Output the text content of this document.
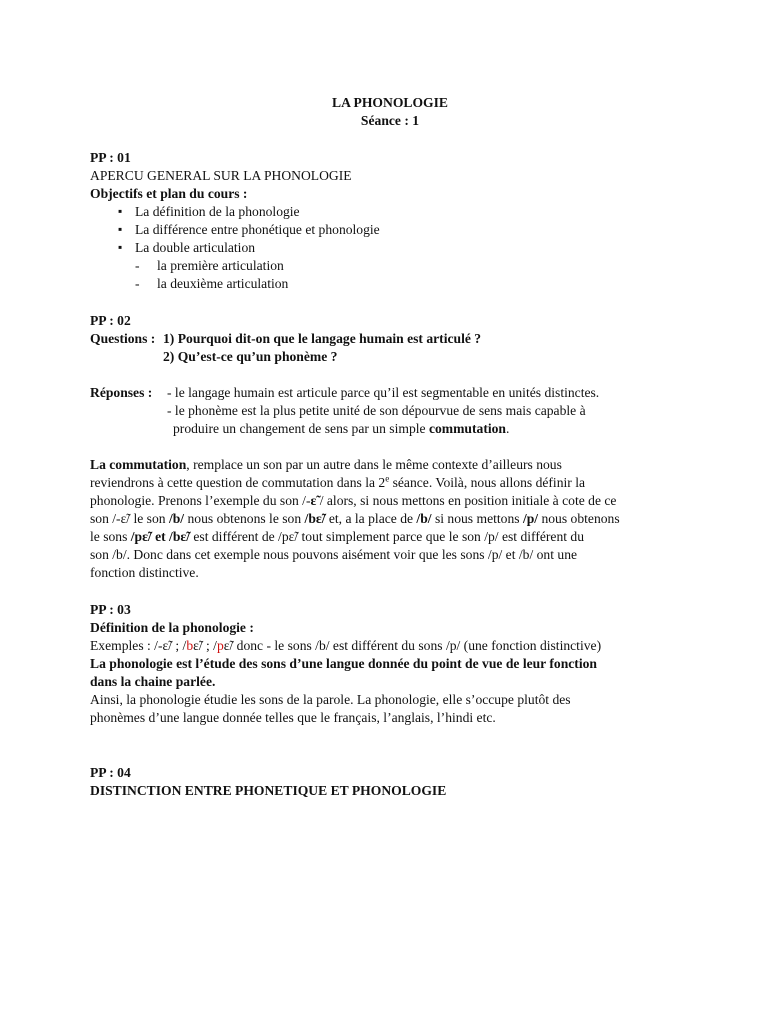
LA PHONOLOGIE
Séance : 1
PP : 01
APERCU GENERAL SUR LA PHONOLOGIE
Objectifs et plan du cours :
▪ La définition de la phonologie
▪ La différence entre phonétique et phonologie
▪ La double articulation
- la première articulation
- la deuxième articulation
PP : 02
Questions : 1) Pourquoi dit-on que le langage humain est articulé ?
2) Qu’est-ce qu’un phonème ?
Réponses :	- le langage humain est articule parce qu’il est segmentable en unités distinctes.
- le phonème est la plus petite unité de son dépourvue de sens mais capable à
produire un changement de sens par un simple commutation.
La commutation, remplace un son par un autre dans le même contexte d’ailleurs nous
reviendrons à cette question de commutation dans la 2e séance. Voilà, nous allons définir la
phonologie. Prenons l’exemple du son /-ɛ̃ / alors, si nous mettons en position initiale à cote de ce
son /-ɛ̃/ le son /b/ nous obtenons le son /bɛ̃/ et, a la place de /b/ si nous mettons /p/ nous obtenons
le sons /pɛ̃/ et /bɛ̃/ est différent de /pɛ̃/ tout simplement parce que le son /p/ est différent du
son /b/. Donc dans cet exemple nous pouvons aisément voir que les sons /p/ et /b/ ont une
fonction distinctive.
PP : 03
Définition de la phonologie :
Exemples : /-ɛ̃/ ; /bɛ̃/ ; /pɛ̃/ donc - le sons /b/ est différent du sons /p/ (une fonction distinctive)
La phonologie est l’étude des sons d’une langue donnée du point de vue de leur fonction
dans la chaine parlée.
Ainsi, la phonologie étudie les sons de la parole. La phonologie, elle s’occupe plutôt des
phonèmes d’une langue donnée telles que le français, l’anglais, l’hindi etc.
PP : 04
DISTINCTION ENTRE PHONETIQUE ET PHONOLOGIE
